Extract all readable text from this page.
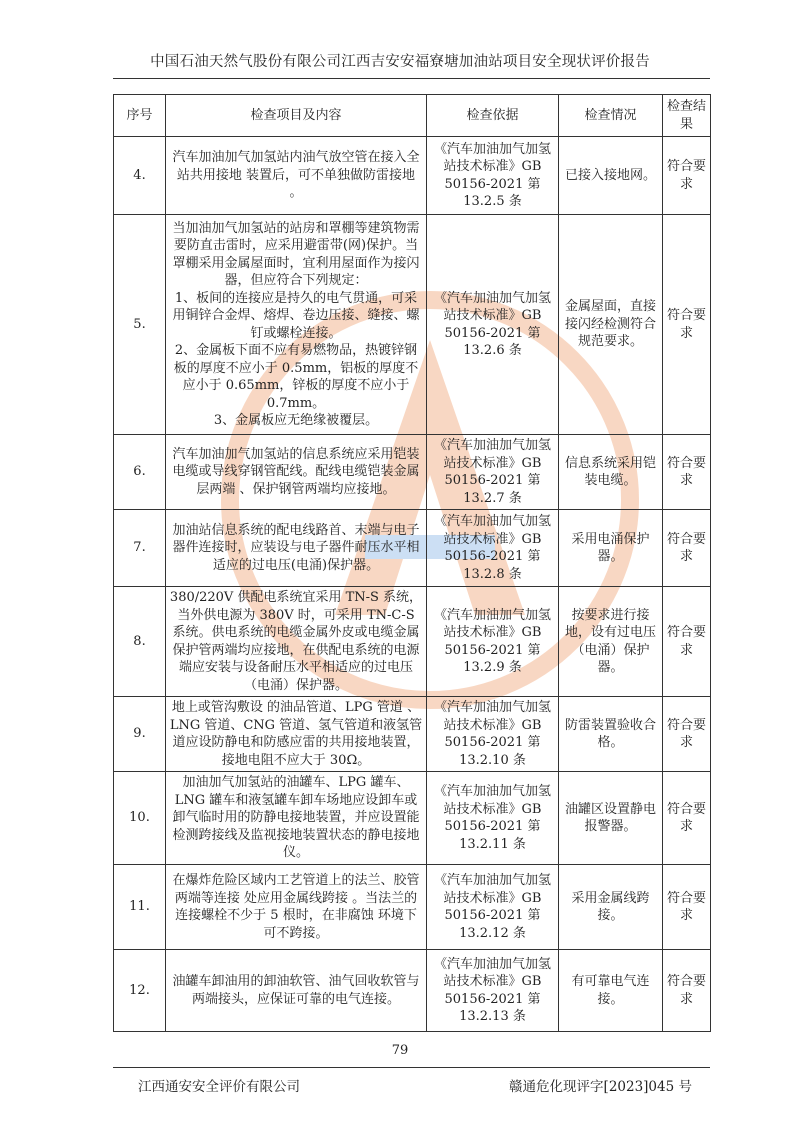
中国石油天然气股份有限公司江西吉安安福寮塘加油站项目安全现状评价报告
序号	检查项目及内容	检查依据	检查情况	检查结果
4.	汽车加油加气加氢站内油气放空管在接入全站共用接地 装置后，可不单独做防雷接地 。	《汽车加油加气加氢站技术标准》GB 50156-2021 第13.2.5 条	已接入接地网。	符合要求
5.	当加油加气加氢站的站房和罩棚等建筑物需要防直击雷时，应采用避雷带(网)保护。当罩棚采用金属屋面时，宜利用屋面作为接闪器，但应符合下列规定：
1、板间的连接应是持久的电气贯通，可采用铜锌合金焊、熔焊、卷边压接、缝接、螺钉或螺栓连接。
2、金属板下面不应有易燃物品，热镀锌钢板的厚度不应小于 0.5mm，铝板的厚度不应小于 0.65mm，锌板的厚度不应小于 0.7mm。
3、金属板应无绝缘被覆层。	《汽车加油加气加氢站技术标准》GB 50156-2021 第13.2.6 条	金属屋面，直接接闪经检测符合规范要求。	符合要求
6.	汽车加油加气加氢站的信息系统应采用铠装电缆或导线穿钢管配线。配线电缆铠装金属层两端 、保护钢管两端均应接地。	《汽车加油加气加氢站技术标准》GB 50156-2021 第13.2.7 条	信息系统采用铠装电缆。	符合要求
7.	加油站信息系统的配电线路首、末端与电子器件连接时，应装设与电子器件耐压水平相适应的过电压(电涌)保护器。	《汽车加油加气加氢站技术标准》GB 50156-2021 第13.2.8 条	采用电涌保护器。	符合要求
8.	380/220V 供配电系统宜采用 TN-S 系统，当外供电源为 380V 时，可采用 TN-C-S 系统。供电系统的电缆金属外皮或电缆金属保护管两端均应接地，在供配电系统的电源端应安装与设备耐压水平相适应的过电压（电涌）保护器。	《汽车加油加气加氢站技术标准》GB 50156-2021 第13.2.9 条	按要求进行接地，设有过电压（电涌）保护器。	符合要求
9.	地上或管沟敷设 的油品管道、LPG 管道 、LNG 管道、CNG 管道、氢气管道和液氢管道应设防静电和防感应雷的共用接地装置，接地电阻不应大于 30Ω。	《汽车加油加气加氢站技术标准》GB 50156-2021 第13.2.10 条	防雷装置验收合格。	符合要求
10.	加油加气加氢站的油罐车、LPG 罐车、LNG 罐车和液氢罐车卸车场地应设卸车或卸气临时用的防静电接地装置，并应设置能检测跨接线及监视接地装置状态的静电接地仪。	《汽车加油加气加氢站技术标准》GB 50156-2021 第13.2.11 条	油罐区设置静电报警器。	符合要求
11.	在爆炸危险区域内工艺管道上的法兰、胶管两端等连接 处应用金属线跨接 。当法兰的连接螺栓不少于 5 根时，在非腐蚀 环境下可不跨接。	《汽车加油加气加氢站技术标准》GB 50156-2021 第13.2.12 条	采用金属线跨接。	符合要求
12.	油罐车卸油用的卸油软管、油气回收软管与两端接头，应保证可靠的电气连接。	《汽车加油加气加氢站技术标准》GB 50156-2021 第13.2.13 条	有可靠电气连接。	符合要求
79
江西通安安全评价有限公司	赣通危化现评字[2023]045 号
